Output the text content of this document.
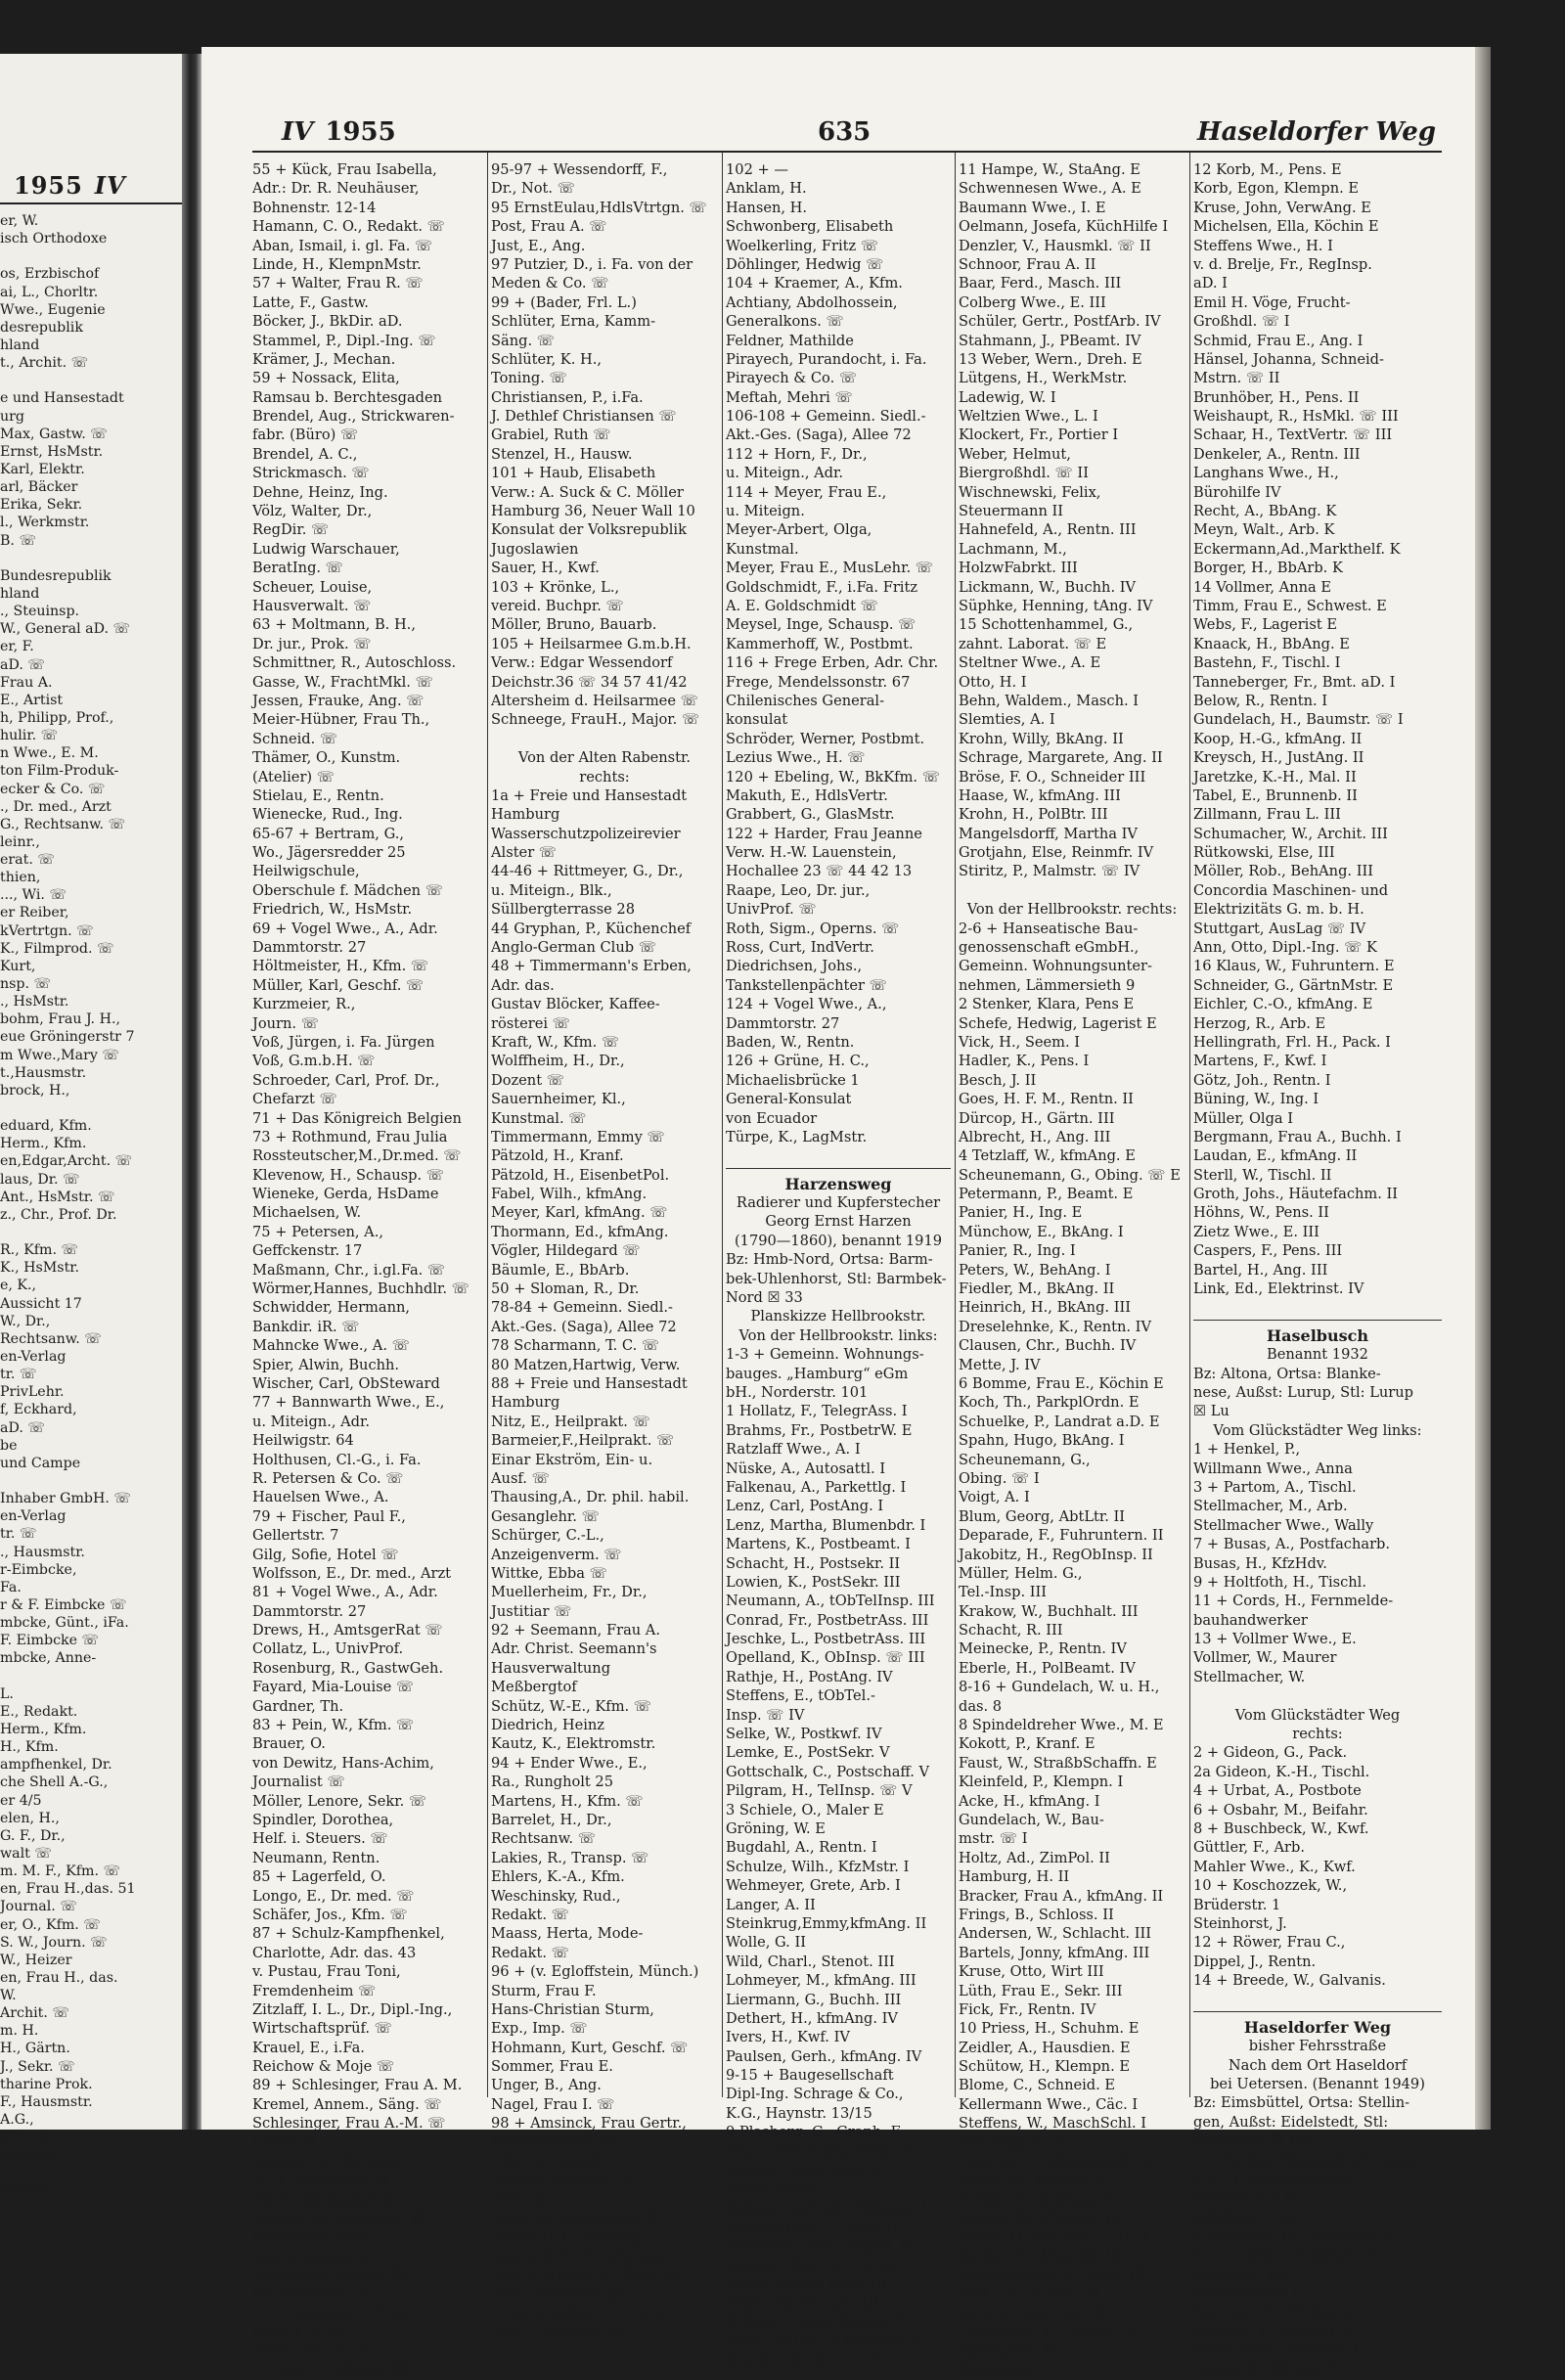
1955 IV
er, W.
isch Orthodoxe
os, Erzbischof
ai, L., Chorltr.
Wwe., Eugenie
desrepublik
hland
t., Archit. ☏
e und Hansestadt
urg
Max, Gastw. ☏
Ernst, HsMstr.
Karl, Elektr.
arl, Bäcker
Erika, Sekr.
l., Werkmstr.
B. ☏
Bundesrepublik
hland
., Steuinsp.
W., General aD. ☏
er, F.
aD. ☏
Frau A.
E., Artist
h, Philipp, Prof.,
hulir. ☏
n Wwe., E. M.
ton Film-Produk-
ecker & Co. ☏
., Dr. med., Arzt
G., Rechtsanw. ☏
leinr.,
erat. ☏
thien,
..., Wi. ☏
er Reiber,
kVertrtgn. ☏
K., Filmprod. ☏
Kurt,
nsp. ☏
., HsMstr.
bohm, Frau J. H.,
eue Gröningerstr 7
m Wwe.,Mary ☏
t.,Hausmstr.
brock, H.,
eduard, Kfm.
Herm., Kfm.
en,Edgar,Archt. ☏
laus, Dr. ☏
Ant., HsMstr. ☏
z., Chr., Prof. Dr.
R., Kfm. ☏
K., HsMstr.
e, K.,
Aussicht 17
W., Dr.,
Rechtsanw. ☏
en-Verlag
tr. ☏
PrivLehr.
f, Eckhard,
aD. ☏
be
und Campe
Inhaber GmbH. ☏
en-Verlag
tr. ☏
., Hausmstr.
r-Eimbcke,
Fa.
r & F. Eimbcke ☏
mbcke, Günt., iFa.
F. Eimbcke ☏
mbcke, Anne-
L.
E., Redakt.
Herm., Kfm.
H., Kfm.
ampfhenkel, Dr.
che Shell A.-G.,
er 4/5
elen, H.,
G. F., Dr.,
walt ☏
m. M. F., Kfm. ☏
en, Frau H.,das. 51
Journal. ☏
er, O., Kfm. ☏
S. W., Journ. ☏
W., Heizer
en, Frau H., das.
W.
Archit. ☏
m. H.
H., Gärtn.
J., Sekr. ☏
tharine Prok.
F., Hausmstr.
A.G.,
Kfm. ☏
Herbert
HsMstr.
IV 1955	635	Haseldorfer Weg
55 + Kück, Frau Isabella,
Adr.: Dr. R. Neuhäuser,
Bohnenstr. 12-14
Hamann, C. O., Redakt. ☏
Aban, Ismail, i. gl. Fa. ☏
Linde, H., KlempnMstr.
57 + Walter, Frau R. ☏
Latte, F., Gastw.
Böcker, J., BkDir. aD.
Stammel, P., Dipl.-Ing. ☏
Krämer, J., Mechan.
59 + Nossack, Elita,
Ramsau b. Berchtesgaden
Brendel, Aug., Strickwaren-
fabr. (Büro) ☏
Brendel, A. C.,
Strickmasch. ☏
Dehne, Heinz, Ing.
Völz, Walter, Dr.,
RegDir. ☏
Ludwig Warschauer,
BeratIng. ☏
Scheuer, Louise,
Hausverwalt. ☏
63 + Moltmann, B. H.,
Dr. jur., Prok. ☏
Schmittner, R., Autoschloss.
Gasse, W., FrachtMkl. ☏
Jessen, Frauke, Ang. ☏
Meier-Hübner, Frau Th.,
Schneid. ☏
Thämer, O., Kunstm.
(Atelier) ☏
Stielau, E., Rentn.
Wienecke, Rud., Ing.
65-67 + Bertram, G.,
Wo., Jägersredder 25
Heilwigschule,
Oberschule f. Mädchen ☏
Friedrich, W., HsMstr.
69 + Vogel Wwe., A., Adr.
Dammtorstr. 27
Höltmeister, H., Kfm. ☏
Müller, Karl, Geschf. ☏
Kurzmeier, R.,
Journ. ☏
Voß, Jürgen, i. Fa. Jürgen
Voß, G.m.b.H. ☏
Schroeder, Carl, Prof. Dr.,
Chefarzt ☏
71 + Das Königreich Belgien
73 + Rothmund, Frau Julia
Rossteutscher,M.,Dr.med. ☏
Klevenow, H., Schausp. ☏
Wieneke, Gerda, HsDame
Michaelsen, W.
75 + Petersen, A.,
Geffckenstr. 17
Maßmann, Chr., i.gl.Fa. ☏
Wörmer,Hannes, Buchhdlr. ☏
Schwidder, Hermann,
Bankdir. iR. ☏
Mahncke Wwe., A. ☏
Spier, Alwin, Buchh.
Wischer, Carl, ObSteward
77 + Bannwarth Wwe., E.,
u. Miteign., Adr.
Heilwigstr. 64
Holthusen, Cl.-G., i. Fa.
R. Petersen & Co. ☏
Hauelsen Wwe., A.
79 + Fischer, Paul F.,
Gellertstr. 7
Gilg, Sofie, Hotel ☏
Wolfsson, E., Dr. med., Arzt
81 + Vogel Wwe., A., Adr.
Dammtorstr. 27
Drews, H., AmtsgerRat ☏
Collatz, L., UnivProf.
Rosenburg, R., GastwGeh.
Fayard, Mia-Louise ☏
Gardner, Th.
83 + Pein, W., Kfm. ☏
Brauer, O.
von Dewitz, Hans-Achim,
Journalist ☏
Möller, Lenore, Sekr. ☏
Spindler, Dorothea,
Helf. i. Steuers. ☏
Neumann, Rentn.
85 + Lagerfeld, O.
Longo, E., Dr. med. ☏
Schäfer, Jos., Kfm. ☏
87 + Schulz-Kampfhenkel,
Charlotte, Adr. das. 43
v. Pustau, Frau Toni,
Fremdenheim ☏
Zitzlaff, I. L., Dr., Dipl.-Ing.,
Wirtschaftsprüf. ☏
Krauel, E., i.Fa.
Reichow & Moje ☏
89 + Schlesinger, Frau A. M.
Kremel, Annem., Säng. ☏
Schlesinger, Frau A.-M. ☏
Lüder, H.
Schacht, A., Schloss.
91 + Hermanns, H.,
Klavierpädagoge ☏
Harms, W., Milchhdl. ☏
Hermanns, Ruth,
Konzertgeigerin
Sieveking, Robert, Dr.,
Rechtsanwalt ☏
93 + Schneider, Otto,
Kapt. i. R. ☏
Schneider, H.-O.,
Dr. med., Facharzt ☏
95-97 + Wessendorff, F.,
Dr., Not. ☏
95 ErnstEulau,HdlsVtrtgn. ☏
Post, Frau A. ☏
Just, E., Ang.
97 Putzier, D., i. Fa. von der
Meden & Co. ☏
99 + (Bader, Frl. L.)
Schlüter, Erna, Kamm-
Säng. ☏
Schlüter, K. H.,
Toning. ☏
Christiansen, P., i.Fa.
J. Dethlef Christiansen ☏
Grabiel, Ruth ☏
Stenzel, H., Hausw.
101 + Haub, Elisabeth
Verw.: A. Suck & C. Möller
Hamburg 36, Neuer Wall 10
Konsulat der Volksrepublik
Jugoslawien
Sauer, H., Kwf.
103 + Krönke, L.,
vereid. Buchpr. ☏
Möller, Bruno, Bauarb.
105 + Heilsarmee G.m.b.H.
Verw.: Edgar Wessendorf
Deichstr.36 ☏ 34 57 41/42
Altersheim d. Heilsarmee ☏
Schneege, FrauH., Major. ☏
Von der Alten Rabenstr.
rechts:
1a + Freie und Hansestadt
Hamburg
Wasserschutzpolizeirevier
Alster ☏
44-46 + Rittmeyer, G., Dr.,
u. Miteign., Blk.,
Süllbergterrasse 28
44 Gryphan, P., Küchenchef
Anglo-German Club ☏
48 + Timmermann's Erben,
Adr. das.
Gustav Blöcker, Kaffee-
rösterei ☏
Kraft, W., Kfm. ☏
Wolffheim, H., Dr.,
Dozent ☏
Sauernheimer, Kl.,
Kunstmal. ☏
Timmermann, Emmy ☏
Pätzold, H., Kranf.
Pätzold, H., EisenbetPol.
Fabel, Wilh., kfmAng.
Meyer, Karl, kfmAng. ☏
Thormann, Ed., kfmAng.
Vögler, Hildegard ☏
Bäumle, E., BbArb.
50 + Sloman, R., Dr.
78-84 + Gemeinn. Siedl.-
Akt.-Ges. (Saga), Allee 72
78 Scharmann, T. C. ☏
80 Matzen,Hartwig, Verw.
88 + Freie und Hansestadt
Hamburg
Nitz, E., Heilprakt. ☏
Barmeier,F.,Heilprakt. ☏
Einar Ekström, Ein- u.
Ausf. ☏
Thausing,A., Dr. phil. habil.
Gesanglehr. ☏
Schürger, C.-L.,
Anzeigenverm. ☏
Wittke, Ebba ☏
Muellerheim, Fr., Dr.,
Justitiar ☏
92 + Seemann, Frau A.
Adr. Christ. Seemann's
Hausverwaltung
Meßbergtof
Schütz, W.-E., Kfm. ☏
Diedrich, Heinz
Kautz, K., Elektromstr.
94 + Ender Wwe., E.,
Ra., Rungholt 25
Martens, H., Kfm. ☏
Barrelet, H., Dr.,
Rechtsanw. ☏
Lakies, R., Transp. ☏
Ehlers, K.-A., Kfm.
Weschinsky, Rud.,
Redakt. ☏
Maass, Herta, Mode-
Redakt. ☏
96 + (v. Egloffstein, Münch.)
Sturm, Frau F.
Hans-Christian Sturm,
Exp., Imp. ☏
Hohmann, Kurt, Geschf. ☏
Sommer, Frau E.
Unger, B., Ang.
Nagel, Frau I. ☏
98 + Amsinck, Frau Gertr.,
Fontenayallee 10
Otte, W., Kondit.
Fischer-Trachau, O.,
Prof. ☏
Arez, M., Vizekonsul ☏
Baller, D.-L., kfmAng.
Amsinck, K. E., kfmAng.
100 + Krüger, R., Prof. Dr.
med., Zahnarzt ☏
Krüger, Volker, Dr., med.
dent., Zahnarzt ☏
102 + —
Anklam, H.
Hansen, H.
Schwonberg, Elisabeth
Woelkerling, Fritz ☏
Döhlinger, Hedwig ☏
104 + Kraemer, A., Kfm.
Achtiany, Abdolhossein,
Generalkons. ☏
Feldner, Mathilde
Pirayech, Purandocht, i. Fa.
Pirayech & Co. ☏
Meftah, Mehri ☏
106-108 + Gemeinn. Siedl.-
Akt.-Ges. (Saga), Allee 72
112 + Horn, F., Dr.,
u. Miteign., Adr.
114 + Meyer, Frau E.,
u. Miteign.
Meyer-Arbert, Olga,
Kunstmal.
Meyer, Frau E., MusLehr. ☏
Goldschmidt, F., i.Fa. Fritz
A. E. Goldschmidt ☏
Meysel, Inge, Schausp. ☏
Kammerhoff, W., Postbmt.
116 + Frege Erben, Adr. Chr.
Frege, Mendelssonstr. 67
Chilenisches General-
konsulat
Schröder, Werner, Postbmt.
Lezius Wwe., H. ☏
120 + Ebeling, W., BkKfm. ☏
Makuth, E., HdlsVertr.
Grabbert, G., GlasMstr.
122 + Harder, Frau Jeanne
Verw. H.-W. Lauenstein,
Hochallee 23 ☏ 44 42 13
Raape, Leo, Dr. jur.,
UnivProf. ☏
Roth, Sigm., Operns. ☏
Ross, Curt, IndVertr.
Diedrichsen, Johs.,
Tankstellenpächter ☏
124 + Vogel Wwe., A.,
Dammtorstr. 27
Baden, W., Rentn.
126 + Grüne, H. C.,
Michaelisbrücke 1
General-Konsulat
von Ecuador
Türpe, K., LagMstr.
Harzensweg
Radierer und Kupferstecher
Georg Ernst Harzen
(1790—1860), benannt 1919
Bz: Hmb-Nord, Ortsa: Barm-
bek-Uhlenhorst, Stl: Barmbek-
Nord ☒ 33
Planskizze Hellbrookstr.
Von der Hellbrookstr. links:
1-3 + Gemeinn. Wohnungs-
bauges. „Hamburg“ eGm
bH., Norderstr. 101
1 Hollatz, F., TelegrAss. I
Brahms, Fr., PostbetrW. E
Ratzlaff Wwe., A. I
Nüske, A., Autosattl. I
Falkenau, A., Parkettlg. I
Lenz, Carl, PostAng. I
Lenz, Martha, Blumenbdr. I
Martens, K., Postbeamt. I
Schacht, H., Postsekr. II
Lowien, K., PostSekr. III
Neumann, A., tObTelInsp. III
Conrad, Fr., PostbetrAss. III
Jeschke, L., PostbetrAss. III
Opelland, K., ObInsp. ☏ III
Rathje, H., PostAng. IV
Steffens, E., tObTel.-
Insp. ☏ IV
Selke, W., Postkwf. IV
Lemke, E., PostSekr. V
Gottschalk, C., Postschaff. V
Pilgram, H., TelInsp. ☏ V
3 Schiele, O., Maler E
Gröning, W. E
Bugdahl, A., Rentn. I
Schulze, Wilh., KfzMstr. I
Wehmeyer, Grete, Arb. I
Langer, A. II
Steinkrug,Emmy,kfmAng. II
Wolle, G. II
Wild, Charl., Stenot. III
Lohmeyer, M., kfmAng. III
Liermann, G., Buchh. III
Dethert, H., kfmAng. IV
Ivers, H., Kwf. IV
Paulsen, Gerh., kfmAng. IV
9-15 + Baugesellschaft
Dipl-Ing. Schrage & Co.,
K.G., Haynstr. 13/15
9 Plasberg, G., Graph. E
Mann, Friedrich, Elektr. E
Schultz, Paul, Pens. I
Holst, Sonja I
Zehme, Gertrud, Büroang. I
Fahrenkrug, L., tAng. II
Neumann, Otto, Exped. II
Janssen, Hertha, Buchh. II
Helm, Walter, Eink. III
Risch, Käthe, Arb. III
Schultz, Ernst, BkAng. IV
Hahn, Anton, Schlachter IV
Knust, Alb., Rentn. IV
11 Hampe, W., StaAng. E
Schwennesen Wwe., A. E
Baumann Wwe., I. E
Oelmann, Josefa, KüchHilfe I
Denzler, V., Hausmkl. ☏ II
Schnoor, Frau A. II
Baar, Ferd., Masch. III
Colberg Wwe., E. III
Schüler, Gertr., PostfArb. IV
Stahmann, J., PBeamt. IV
13 Weber, Wern., Dreh. E
Lütgens, H., WerkMstr.
Ladewig, W. I
Weltzien Wwe., L. I
Klockert, Fr., Portier I
Weber, Helmut,
Biergroßhdl. ☏ II
Wischnewski, Felix,
Steuermann II
Hahnefeld, A., Rentn. III
Lachmann, M.,
HolzwFabrkt. III
Lickmann, W., Buchh. IV
Süphke, Henning, tAng. IV
15 Schottenhammel, G.,
zahnt. Laborat. ☏ E
Steltner Wwe., A. E
Otto, H. I
Behn, Waldem., Masch. I
Slemties, A. I
Krohn, Willy, BkAng. II
Schrage, Margarete, Ang. II
Bröse, F. O., Schneider III
Haase, W., kfmAng. III
Krohn, H., PolBtr. III
Mangelsdorff, Martha IV
Grotjahn, Else, Reinmfr. IV
Stiritz, P., Malmstr. ☏ IV
Von der Hellbrookstr. rechts:
2-6 + Hanseatische Bau-
genossenschaft eGmbH.,
Gemeinn. Wohnungsunter-
nehmen, Lämmersieth 9
2 Stenker, Klara, Pens E
Schefe, Hedwig, Lagerist E
Vick, H., Seem. I
Hadler, K., Pens. I
Besch, J. II
Goes, H. F. M., Rentn. II
Dürcop, H., Gärtn. III
Albrecht, H., Ang. III
4 Tetzlaff, W., kfmAng. E
Scheunemann, G., Obing. ☏ E
Petermann, P., Beamt. E
Panier, H., Ing. E
Münchow, E., BkAng. I
Panier, R., Ing. I
Peters, W., BehAng. I
Fiedler, M., BkAng. II
Heinrich, H., BkAng. III
Dreselehnke, K., Rentn. IV
Clausen, Chr., Buchh. IV
Mette, J. IV
6 Bomme, Frau E., Köchin E
Koch, Th., ParkplOrdn. E
Schuelke, P., Landrat a.D. E
Spahn, Hugo, BkAng. I
Scheunemann, G.,
Obing. ☏ I
Voigt, A. I
Blum, Georg, AbtLtr. II
Deparade, F., Fuhruntern. II
Jakobitz, H., RegObInsp. II
Müller, Helm. G.,
Tel.-Insp. III
Krakow, W., Buchhalt. III
Schacht, R. III
Meinecke, P., Rentn. IV
Eberle, H., PolBeamt. IV
8-16 + Gundelach, W. u. H.,
das. 8
8 Spindeldreher Wwe., M. E
Kokott, P., Kranf. E
Faust, W., StraßbSchaffn. E
Kleinfeld, P., Klempn. I
Acke, H., kfmAng. I
Gundelach, W., Bau-
mstr. ☏ I
Holtz, Ad., ZimPol. II
Hamburg, H. II
Bracker, Frau A., kfmAng. II
Frings, B., Schloss. II
Andersen, W., Schlacht. III
Bartels, Jonny, kfmAng. III
Kruse, Otto, Wirt III
Lüth, Frau E., Sekr. III
Fick, Fr., Rentn. IV
10 Priess, H., Schuhm. E
Zeidler, A., Hausdien. E
Schütow, H., Klempn. E
Blome, C., Schneid. E
Kellermann Wwe., Cäc. I
Steffens, W., MaschSchl. I
Schneegans, C. I
Conrady, E., Blumenhdlr. II
Tesch, W., Polster. II
Kottig, H., JustAng. II
Rathje, W., kfmAng. II
Hinze, O., BetrAss. a. D. II
Kleiner, F., Maschb. III
Blankenburg, H., Lehr. III
Döll, Ch., Rentn. III
Kierey, Elsa, Ang. III
Lachmann, K., Rentn. IV
Fuhrmann, H.,
Blumenhdl.n. K
12 Korb, M., Pens. E
Korb, Egon, Klempn. E
Kruse, John, VerwAng. E
Michelsen, Ella, Köchin E
Steffens Wwe., H. I
v. d. Brelje, Fr., RegInsp.
aD. I
Emil H. Vöge, Frucht-
Großhdl. ☏ I
Schmid, Frau E., Ang. I
Hänsel, Johanna, Schneid-
Mstrn. ☏ II
Brunhöber, H., Pens. II
Weishaupt, R., HsMkl. ☏ III
Schaar, H., TextVertr. ☏ III
Denkeler, A., Rentn. III
Langhans Wwe., H.,
Bürohilfe IV
Recht, A., BbAng. K
Meyn, Walt., Arb. K
Eckermann,Ad.,Markthelf. K
Borger, H., BbArb. K
14 Vollmer, Anna E
Timm, Frau E., Schwest. E
Webs, F., Lagerist E
Knaack, H., BbAng. E
Bastehn, F., Tischl. I
Tanneberger, Fr., Bmt. aD. I
Below, R., Rentn. I
Gundelach, H., Baumstr. ☏ I
Koop, H.-G., kfmAng. II
Kreysch, H., JustAng. II
Jaretzke, K.-H., Mal. II
Tabel, E., Brunnenb. II
Zillmann, Frau L. III
Schumacher, W., Archit. III
Rütkowski, Else, III
Möller, Rob., BehAng. III
Concordia Maschinen- und
Elektrizitäts G. m. b. H.
Stuttgart, AusLag ☏ IV
Ann, Otto, Dipl.-Ing. ☏ K
16 Klaus, W., Fuhruntern. E
Schneider, G., GärtnMstr. E
Eichler, C.-O., kfmAng. E
Herzog, R., Arb. E
Hellingrath, Frl. H., Pack. I
Martens, F., Kwf. I
Götz, Joh., Rentn. I
Büning, W., Ing. I
Müller, Olga I
Bergmann, Frau A., Buchh. I
Laudan, E., kfmAng. II
Sterll, W., Tischl. II
Groth, Johs., Häutefachm. II
Höhns, W., Pens. II
Zietz Wwe., E. III
Caspers, F., Pens. III
Bartel, H., Ang. III
Link, Ed., Elektrinst. IV
Haselbusch
Benannt 1932
Bz: Altona, Ortsa: Blanke-
nese, Außst: Lurup, Stl: Lurup
☒ Lu
Vom Glückstädter Weg links:
1 + Henkel, P.,
Willmann Wwe., Anna
3 + Partom, A., Tischl.
Stellmacher, M., Arb.
Stellmacher Wwe., Wally
7 + Busas, A., Postfacharb.
Busas, H., KfzHdv.
9 + Holtfoth, H., Tischl.
11 + Cords, H., Fernmelde-
bauhandwerker
13 + Vollmer Wwe., E.
Vollmer, W., Maurer
Stellmacher, W.
Vom Glückstädter Weg
rechts:
2 + Gideon, G., Pack.
2a Gideon, K.-H., Tischl.
4 + Urbat, A., Postbote
6 + Osbahr, M., Beifahr.
8 + Buschbeck, W., Kwf.
Güttler, F., Arb.
Mahler Wwe., K., Kwf.
10 + Koschozzek, W.,
Brüderstr. 1
Steinhorst, J.
12 + Röwer, Frau C.,
Dippel, J., Rentn.
14 + Breede, W., Galvanis.
Haseldorfer Weg
bisher Fehrsstraße
Nach dem Ort Haseldorf
bei Uetersen. (Benannt 1949)
Bz: Eimsbüttel, Ortsa: Stellin-
gen, Außst: Eidelstedt, Stl:
Eidelstedt ☒ Eid
Von der Elbgaustraße links:
1-61 + Wohnungsges.
Norden m.b.H.
Schillerstr. 46
1 Besthorn, Fr., RbBeamt. E
Kruse, Wilh., RangArb. E
Kowalski, Joh.,
BbRangMstr. I
Springer, H., BbBeamt. I
Mietner, K., BbSekr. I
Zabel, Wilh., Schloss. II
Zeisig, E., BbAng. II
